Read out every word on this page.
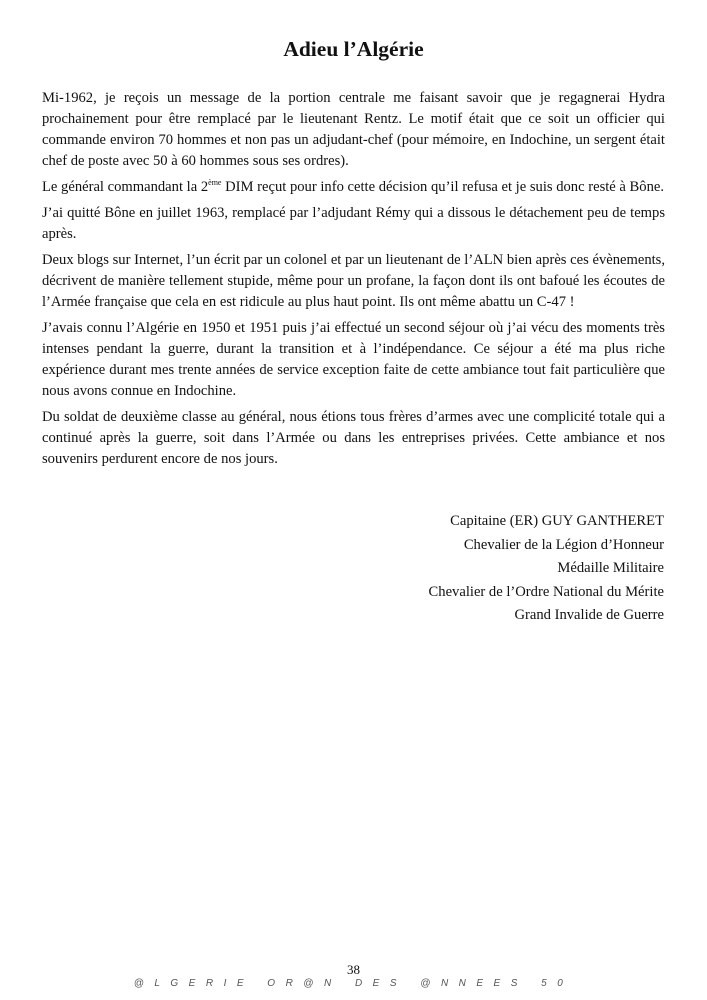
Adieu l’Algérie

Mi-1962, je reçois un message de la portion centrale me faisant savoir que je regagnerai Hydra prochainement pour être remplacé par le lieutenant Rentz. Le motif était que ce soit un officier qui commande environ 70 hommes et non pas un adjudant-chef (pour mémoire, en Indochine, un sergent était chef de poste avec 50 à 60 hommes sous ses ordres).

Le général commandant la 2ème DIM reçut pour info cette décision qu’il refusa et je suis donc resté à Bône.

J’ai quitté Bône en juillet 1963, remplacé par l’adjudant Rémy qui a dissous le détachement peu de temps après.

Deux blogs sur Internet, l’un écrit par un colonel et par un lieutenant de l’ALN bien après ces évènements, décrivent de manière tellement stupide, même pour un profane, la façon dont ils ont bafoué les écoutes de l’Armée française que cela en est ridicule au plus haut point. Ils ont même abattu un C-47 !

J’avais connu l’Algérie en 1950 et 1951 puis j’ai effectué un second séjour où j’ai vécu des moments très intenses pendant la guerre, durant la transition et à l’indépendance. Ce séjour a été ma plus riche expérience durant mes trente années de service exception faite de cette ambiance tout fait particulière que nous avons connue en Indochine.

Du soldat de deuxième classe au général, nous étions tous frères d’armes avec une complicité totale qui a continué après la guerre, soit dans l’Armée ou dans les entreprises privées. Cette ambiance et nos souvenirs perdurent encore de nos jours.

Capitaine (ER) GUY GANTHERET
Chevalier de la Légion d’Honneur
Médaille Militaire
Chevalier de l’Ordre National du Mérite
Grand Invalide de Guerre
38
@LGERIE OR@N DES @NNEES 50
